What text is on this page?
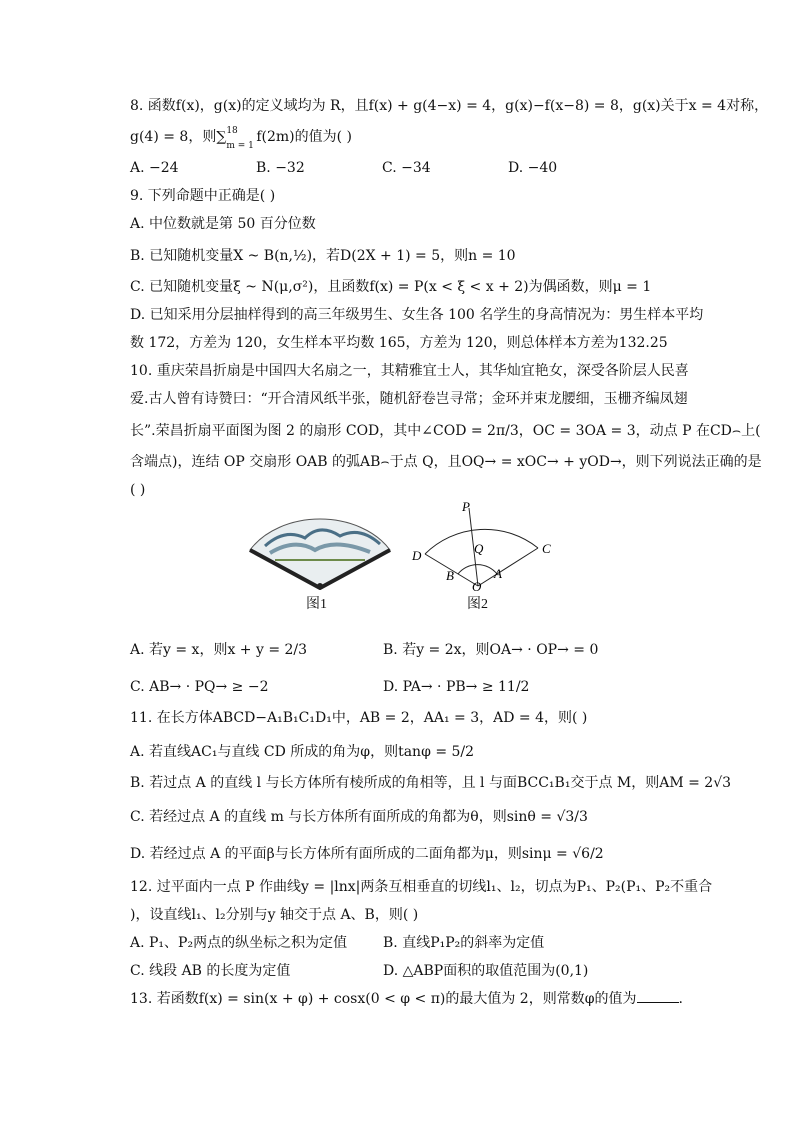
8. 函数f(x)，g(x)的定义域均为 R，且f(x) + g(4−x) = 4，g(x)−f(x−8) = 8，g(x)关于x = 4对称，
g(4) = 8，则∑ 18
m = 1
f(2m)的值为( )
A. −24	B. −32	C. −34	D. −40
9. 下列命题中正确是( )
A. 中位数就是第 50 百分位数
B. 已知随机变量X ~ B(n,½)，若D(2X + 1) = 5，则n = 10
C. 已知随机变量ξ ~ N(μ,σ²)，且函数f(x) = P(x < ξ < x + 2)为偶函数，则μ = 1
D. 已知采用分层抽样得到的高三年级男生、女生各 100 名学生的身高情况为：男生样本平均
数 172，方差为 120，女生样本平均数 165，方差为 120，则总体样本方差为132.25
10. 重庆荣昌折扇是中国四大名扇之一，其精雅宜士人，其华灿宜艳女，深受各阶层人民喜
爱.古人曾有诗赞曰：“开合清风纸半张，随机舒卷岂寻常；金环并束龙腰细，玉栅齐编凤翅
长”.荣昌折扇平面图为图 2 的扇形 COD，其中∠COD = 2π/3，OC = 3OA = 3，动点 P 在CD⌢上(
含端点)，连结 OP 交扇形 OAB 的弧AB⌢于点 Q，且OQ→ = xOC→ + yOD→，则下列说法正确的是
( )
图1
P
D	C
Q
B	A
O
图2
A. 若y = x，则x + y = 2/3	B. 若y = 2x，则OA→ · OP→ = 0
C. AB→ · PQ→ ≥ −2	D. PA→ · PB→ ≥ 11/2
11. 在长方体ABCD−A₁B₁C₁D₁中，AB = 2，AA₁ = 3，AD = 4，则( )
A. 若直线AC₁与直线 CD 所成的角为φ，则tanφ = 5/2
B. 若过点 A 的直线 l 与长方体所有棱所成的角相等，且 l 与面BCC₁B₁交于点 M，则AM = 2√3
C. 若经过点 A 的直线 m 与长方体所有面所成的角都为θ，则sinθ = √3/3
D. 若经过点 A 的平面β与长方体所有面所成的二面角都为μ，则sinμ = √6/2
12. 过平面内一点 P 作曲线y = |lnx|两条互相垂直的切线l₁、l₂，切点为P₁、P₂(P₁、P₂不重合
)，设直线l₁、l₂分别与y 轴交于点 A、B，则( )
A. P₁、P₂两点的纵坐标之积为定值	B. 直线P₁P₂的斜率为定值
C. 线段 AB 的长度为定值	D. △ABP面积的取值范围为(0,1)
13. 若函数f(x) = sin(x + φ) + cosx(0 < φ < π)的最大值为 2，则常数φ的值为	.
